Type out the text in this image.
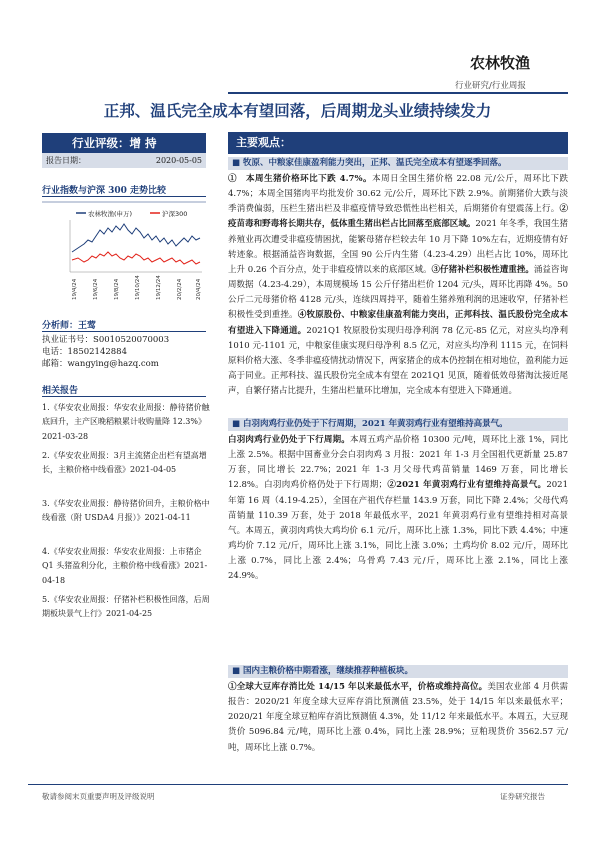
农林牧渔
行业研究/行业周报
正邦、温氏完全成本有望回落，后周期龙头业绩持续发力
行业评级：增 持
报告日期：	2020-05-05
行业指数与沪深 300 走势比较
农林牧渔(申万)	沪深300
19/4/24	19/6/24	19/8/24	19/10/24	19/12/24	20/2/24 20/4/24
分析师：王莺
执业证书号：S0010520070003
电话：18502142884
邮箱：wangying@hazq.com
相关报告
1.《华安农业周报：华安农业周报：静待猪价触底回升，主产区晚稻粮累计收购量降 12.3%》2021-03-28
2.《华安农业周报：3月主流猪企出栏有望高增长，主粮价格中线看涨》2021-04-05
3.《华安农业周报：静待猪价回升，主粮价格中线看涨（附 USDA4 月报）》2021-04-11
4.《华安农业周报：华安农业周报：上市猪企 Q1 头猪盈利分化，主粮价格中线看涨》2021-04-18
5.《华安农业周报：仔猪补栏积极性回落，后周期板块景气上行》2021-04-25
主要观点：
■ 牧原、中粮家佳康盈利能力突出，正邦、温氏完全成本有望逐季回落。
①　本周生猪价格环比下跌 4.7%。本周日全国生猪价格 22.08 元/公斤，周环比下跌 4.7%；本周全国猪肉平均批发价 30.62 元/公斤，周环比下跌 2.9%。前期猪价大跌与淡季消费偏弱，压栏生猪出栏及非瘟疫情导致恐慌性出栏相关，后期猪价有望震荡上行。②疫苗毒和野毒将长期共存，低体重生猪出栏占比回落至底部区域。2021 年冬季，我国生猪养殖业再次遭受非瘟疫情困扰，能繁母猪存栏较去年 10 月下降 10%左右，近期疫情有好转迹象。根据涌益咨询数据，全国 90 公斤内生猪（4.23-4.29）出栏占比 10%，周环比上升 0.26 个百分点，处于非瘟疫情以来的底部区域。③仔猪补栏积极性遭重挫。涌益咨询周数据（4.23-4.29），本周规模场 15 公斤仔猪出栏价 1204 元/头，周环比再降 4%。50 公斤二元母猪价格 4128 元/头，连续四周持平，随着生猪养殖利润的迅速收窄，仔猪补栏积极性受到重挫。④牧原股份、中粮家佳康盈利能力突出，正邦科技、温氏股份完全成本有望进入下降通道。2021Q1 牧原股份实现归母净利润 78 亿元-85 亿元，对应头均净利 1010 元-1101 元，中粮家佳康实现归母净利 8.5 亿元，对应头均净利 1115 元，在饲料原料价格大涨、冬季非瘟疫情扰动情况下，两家猪企的成本仍控制在相对地位，盈利能力远高于同业。正邦科技、温氏股份完全成本有望在 2021Q1 见顶，随着低效母猪淘汰接近尾声，自繁仔猪占比提升，生猪出栏量环比增加，完全成本有望进入下降通道。
■ 白羽肉鸡行业仍处于下行周期，2021 年黄羽鸡行业有望维持高景气。
白羽肉鸡行业仍处于下行周期。本周五鸡产品价格 10300 元/吨，周环比上涨 1%，同比上涨 2.5%。根据中国畜业分会白羽肉鸡 3 月报：2021 年 1-3 月全国祖代更新量 25.87 万套，同比增长 22.7%；2021 年 1-3 月父母代鸡苗销量 1469 万套，同比增长 12.8%。白羽肉鸡价格仍处于下行周期；②2021 年黄羽鸡行业有望维持高景气。2021 年第 16 周（4.19-4.25），全国在产祖代存栏量 143.9 万套，同比下降 2.4%；父母代鸡苗销量 110.39 万套，处于 2018 年最低水平，2021 年黄羽鸡行业有望维持相对高景气。本周五，黄羽肉鸡快大鸡均价 6.1 元/斤，周环比上涨 1.3%，同比下跌 4.4%；中速鸡均价 7.12 元/斤，周环比上涨 3.1%，同比上涨 3.0%；土鸡均价 8.02 元/斤，周环比上涨 0.7%，同比上涨 2.4%；乌骨鸡 7.43 元/斤，周环比上涨 2.1%，同比上涨 24.9%。
■ 国内主粮价格中期看涨，继续推荐种植板块。
①全球大豆库存消比处 14/15 年以来最低水平，价格或维持高位。美国农业部 4 月供需报告：2020/21 年度全球大豆库存消比预测值 23.5%，处于 14/15 年以来最低水平；2020/21 年度全球豆粕库存消比预测值 4.3%，处 11/12 年来最低水平。本周五，大豆现货价 5096.84 元/吨，周环比上涨 0.4%，同比上涨 28.9%；豆粕现货价 3562.57 元/吨，周环比上涨 0.7%。
敬请参阅末页重要声明及评级说明	证券研究报告
